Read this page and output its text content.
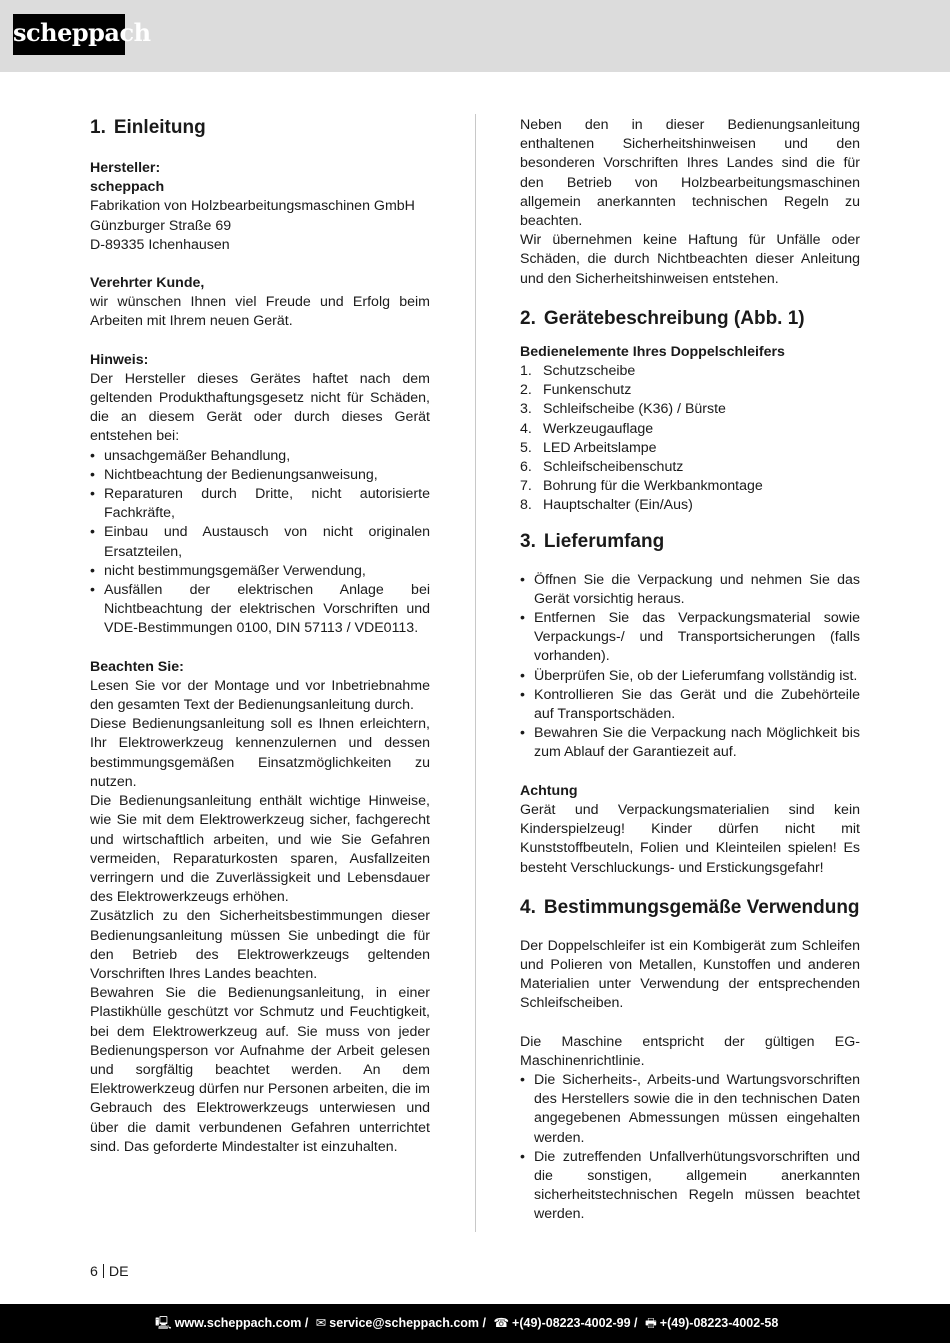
scheppach
1. Einleitung

Hersteller:

scheppach

Fabrikation von Holzbearbeitungsmaschinen GmbH

Günzburger Straße 69

D-89335 Ichenhausen

Verehrter Kunde,

wir wünschen Ihnen viel Freude und Erfolg beim Arbeiten mit Ihrem neuen Gerät.

Hinweis:

Der Hersteller dieses Gerätes haftet nach dem geltenden Produkthaftungsgesetz nicht für Schäden, die an diesem Gerät oder durch dieses Gerät entstehen bei:

• unsachgemäßer Behandlung,
• Nichtbeachtung der Bedienungsanweisung,
• Reparaturen durch Dritte, nicht autorisierte Fachkräfte,
• Einbau und Austausch von nicht originalen Ersatzteilen,
• nicht bestimmungsgemäßer Verwendung,
• Ausfällen der elektrischen Anlage bei Nichtbeachtung der elektrischen Vorschriften und VDE-Bestimmungen 0100, DIN 57113 / VDE0113.

Beachten Sie:

Lesen Sie vor der Montage und vor Inbetriebnahme den gesamten Text der Bedienungsanleitung durch.

Diese Bedienungsanleitung soll es Ihnen erleichtern, Ihr Elektrowerkzeug kennenzulernen und dessen bestimmungsgemäßen Einsatzmöglichkeiten zu nutzen.

Die Bedienungsanleitung enthält wichtige Hinweise, wie Sie mit dem Elektrowerkzeug sicher, fachgerecht und wirtschaftlich arbeiten, und wie Sie Gefahren vermeiden, Reparaturkosten sparen, Ausfallzeiten verringern und die Zuverlässigkeit und Lebensdauer des Elektrowerkzeugs erhöhen.

Zusätzlich zu den Sicherheitsbestimmungen dieser Bedienungsanleitung müssen Sie unbedingt die für den Betrieb des Elektrowerkzeugs geltenden Vorschriften Ihres Landes beachten.

Bewahren Sie die Bedienungsanleitung, in einer Plastikhülle geschützt vor Schmutz und Feuchtigkeit, bei dem Elektrowerkzeug auf. Sie muss von jeder Bedienungsperson vor Aufnahme der Arbeit gelesen und sorgfältig beachtet werden. An dem Elektrowerkzeug dürfen nur Personen arbeiten, die im Gebrauch des Elektrowerkzeugs unterwiesen und über die damit verbundenen Gefahren unterrichtet sind. Das geforderte Mindestalter ist einzuhalten.

Neben den in dieser Bedienungsanleitung enthaltenen Sicherheitshinweisen und den besonderen Vorschriften Ihres Landes sind die für den Betrieb von Holzbearbeitungsmaschinen allgemein anerkannten technischen Regeln zu beachten.

Wir übernehmen keine Haftung für Unfälle oder Schäden, die durch Nichtbeachten dieser Anleitung und den Sicherheitshinweisen entstehen.

2. Gerätebeschreibung (Abb. 1)

Bedienelemente Ihres Doppelschleifers

1. Schutzscheibe
2. Funkenschutz
3. Schleifscheibe (K36) / Bürste
4. Werkzeugauflage
5. LED Arbeitslampe
6. Schleifscheibenschutz
7. Bohrung für die Werkbankmontage
8. Hauptschalter (Ein/Aus)
3. Lieferumfang
• Öffnen Sie die Verpackung und nehmen Sie das Gerät vorsichtig heraus.
• Entfernen Sie das Verpackungsmaterial sowie Verpackungs-/ und Transportsicherungen (falls vorhanden).
• Überprüfen Sie, ob der Lieferumfang vollständig ist.
• Kontrollieren Sie das Gerät und die Zubehörteile auf Transportschäden.
• Bewahren Sie die Verpackung nach Möglichkeit bis zum Ablauf der Garantiezeit auf.

Achtung

Gerät und Verpackungsmaterialien sind kein Kinderspielzeug! Kinder dürfen nicht mit Kunststoffbeuteln, Folien und Kleinteilen spielen! Es besteht Verschluckungs- und Erstickungsgefahr!

4. Bestimmungsgemäße Verwendung

Der Doppelschleifer ist ein Kombigerät zum Schleifen und Polieren von Metallen, Kunstoffen und anderen Materialien unter Verwendung der entsprechenden Schleifscheiben.

Die Maschine entspricht der gültigen EG-Maschinenrichtlinie.

• Die Sicherheits-, Arbeits-und Wartungsvorschriften des Herstellers sowie die in den technischen Daten angegebenen Abmessungen müssen eingehalten werden.
• Die zutreffenden Unfallverhütungsvorschriften und die sonstigen, allgemein anerkannten sicherheitstechnischen Regeln müssen beachtet werden.
6 DE
🖳 www.scheppach.com / ✉ service@scheppach.com / ☎ +(49)-08223-4002-99 / 🖶 +(49)-08223-4002-58
